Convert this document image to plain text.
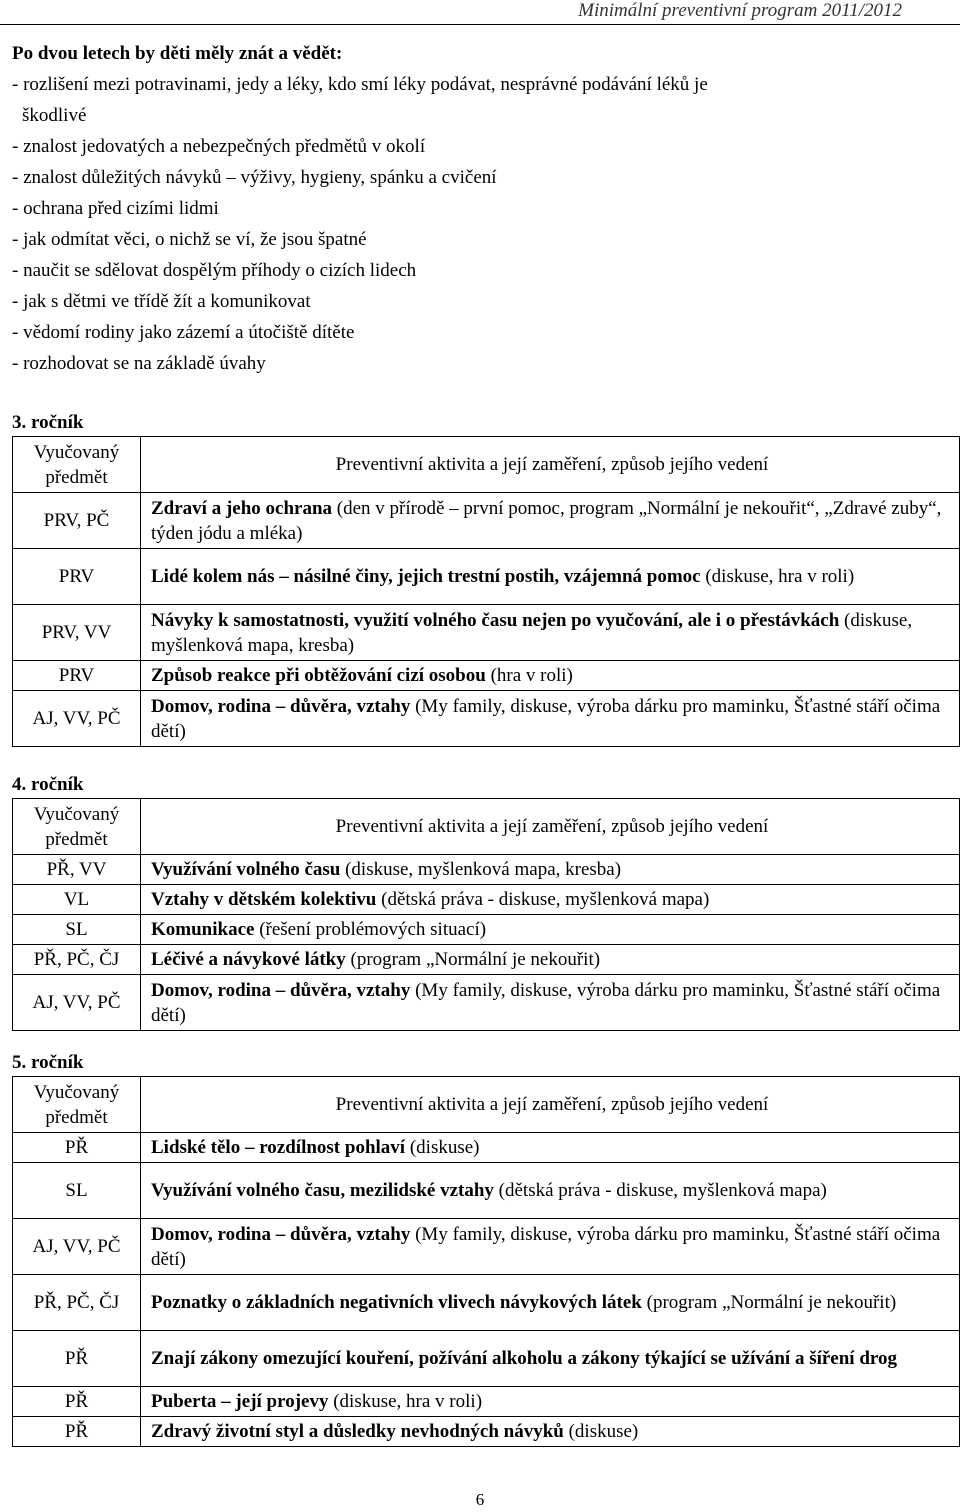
Minimální preventivní program 2011/2012
Po dvou letech by děti měly znát a vědět:
- rozlišení mezi potravinami, jedy a léky, kdo smí léky podávat, nesprávné podávání léků je
škodlivé
- znalost jedovatých a nebezpečných předmětů v okolí
- znalost důležitých návyků – výživy, hygieny, spánku a cvičení
- ochrana před cizími lidmi
- jak odmítat věci, o nichž se ví, že jsou špatné
- naučit se sdělovat dospělým příhody o cizích lidech
- jak s dětmi ve třídě žít a komunikovat
- vědomí rodiny jako zázemí a útočiště dítěte
- rozhodovat se na základě úvahy
3. ročník
Vyučovaný předmět	Preventivní aktivita a její zaměření, způsob jejího vedení
PRV, PČ	Zdraví a jeho ochrana (den v přírodě – první pomoc, program „Normální je nekouřit“, „Zdravé zuby“, týden jódu a mléka)
PRV	Lidé kolem nás – násilné činy, jejich trestní postih, vzájemná pomoc (diskuse, hra v roli)
PRV, VV	Návyky k samostatnosti, využití volného času nejen po vyučování, ale i o přestávkách (diskuse, myšlenková mapa, kresba)
PRV	Způsob reakce při obtěžování cizí osobou (hra v roli)
AJ, VV, PČ	Domov, rodina – důvěra, vztahy (My family, diskuse, výroba dárku pro maminku, Šťastné stáří očima dětí)
4. ročník
Vyučovaný předmět	Preventivní aktivita a její zaměření, způsob jejího vedení
PŘ, VV	Využívání volného času (diskuse, myšlenková mapa, kresba)
VL	Vztahy v dětském kolektivu (dětská práva - diskuse, myšlenková mapa)
SL	Komunikace (řešení problémových situací)
PŘ, PČ, ČJ	Léčivé a návykové látky (program „Normální je nekouřit)
AJ, VV, PČ	Domov, rodina – důvěra, vztahy (My family, diskuse, výroba dárku pro maminku, Šťastné stáří očima dětí)
5. ročník
Vyučovaný předmět	Preventivní aktivita a její zaměření, způsob jejího vedení
PŘ	Lidské tělo – rozdílnost pohlaví (diskuse)
SL	Využívání volného času, mezilidské vztahy (dětská práva - diskuse, myšlenková mapa)
AJ, VV, PČ	Domov, rodina – důvěra, vztahy (My family, diskuse, výroba dárku pro maminku, Šťastné stáří očima dětí)
PŘ, PČ, ČJ	Poznatky o základních negativních vlivech návykových látek (program „Normální je nekouřit)
PŘ	Znají zákony omezující kouření, požívání alkoholu a zákony týkající se užívání a šíření drog
PŘ	Puberta – její projevy (diskuse, hra v roli)
PŘ	Zdravý životní styl a důsledky nevhodných návyků (diskuse)
6
